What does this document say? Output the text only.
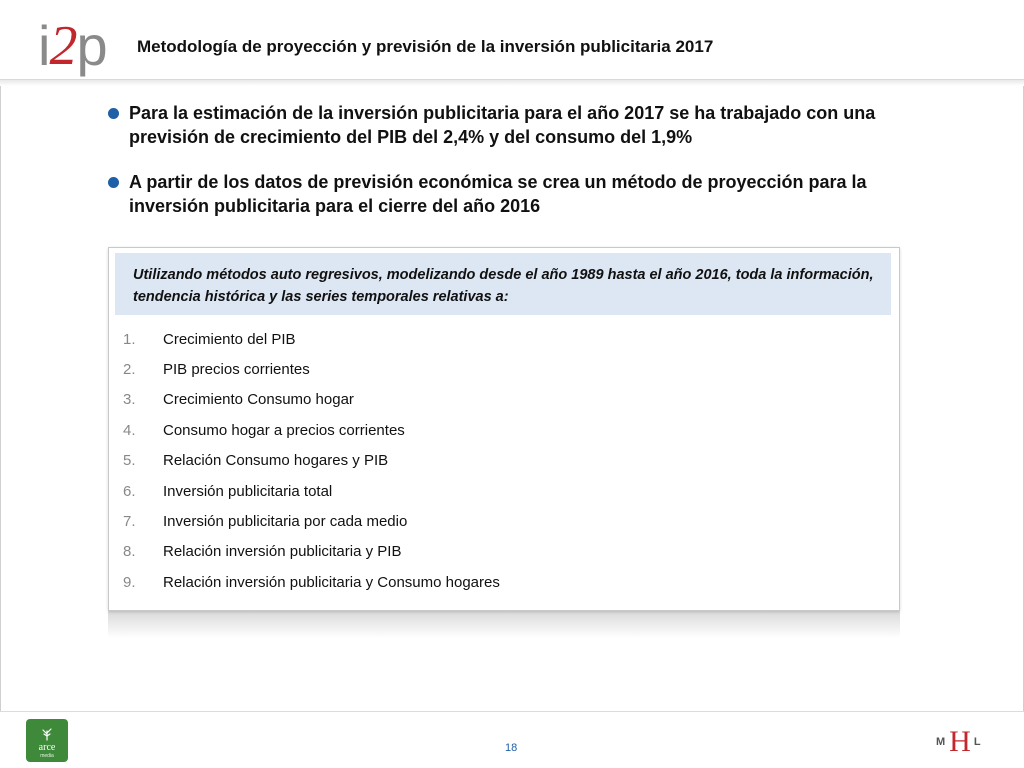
i 2 p Metodología de proyección y previsión de la inversión publicitaria 2017
Para la estimación de la inversión publicitaria para el año 2017 se ha trabajado con una previsión de crecimiento del PIB del 2,4% y del consumo del 1,9%
A partir de los datos de previsión económica se crea un método de proyección para la inversión publicitaria para el cierre del año 2016
Utilizando métodos auto regresivos, modelizando desde el año 1989 hasta el año 2016, toda la información, tendencia histórica y las series temporales relativas a:
1.	Crecimiento del PIB
2.	PIB precios corrientes
3.	Crecimiento Consumo hogar
4.	Consumo hogar a precios corrientes
5.	Relación Consumo hogares y PIB
6.	Inversión publicitaria total
7.	Inversión publicitaria por cada medio
8.	Relación inversión publicitaria y PIB
9.	Relación inversión publicitaria y Consumo hogares
arce
media
18	M H L
